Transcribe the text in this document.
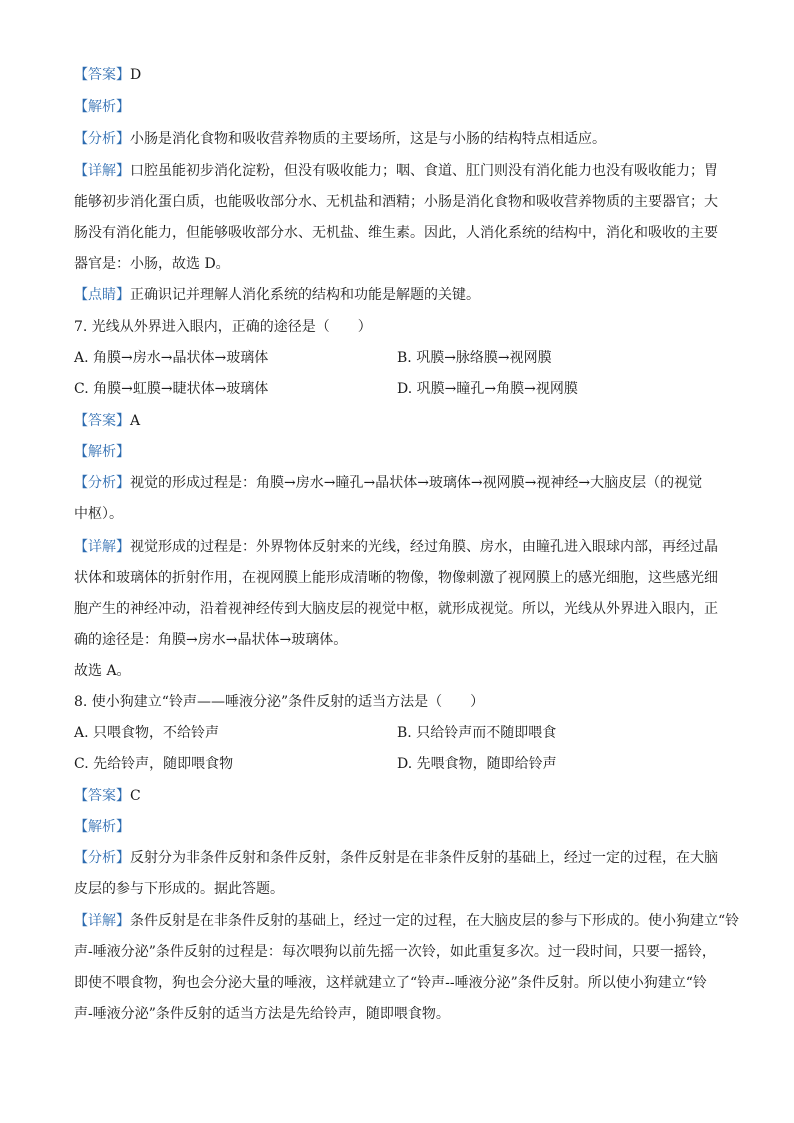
【答案】D
【解析】
【分析】小肠是消化食物和吸收营养物质的主要场所，这是与小肠的结构特点相适应。
【详解】口腔虽能初步消化淀粉，但没有吸收能力；咽、食道、肛门则没有消化能力也没有吸收能力；胃
能够初步消化蛋白质，也能吸收部分水、无机盐和酒精；小肠是消化食物和吸收营养物质的主要器官；大
肠没有消化能力，但能够吸收部分水、无机盐、维生素。因此，人消化系统的结构中，消化和吸收的主要
器官是：小肠，故选 D。
【点睛】正确识记并理解人消化系统的结构和功能是解题的关键。
7. 光线从外界进入眼内，正确的途径是（　　）
A. 角膜→房水→晶状体→玻璃体	B. 巩膜→脉络膜→视网膜
C. 角膜→虹膜→睫状体→玻璃体	D. 巩膜→瞳孔→角膜→视网膜
【答案】A
【解析】
【分析】视觉的形成过程是：角膜→房水→瞳孔→晶状体→玻璃体→视网膜→视神经→大脑皮层（的视觉
中枢）。
【详解】视觉形成的过程是：外界物体反射来的光线，经过角膜、房水，由瞳孔进入眼球内部，再经过晶
状体和玻璃体的折射作用，在视网膜上能形成清晰的物像，物像刺激了视网膜上的感光细胞，这些感光细
胞产生的神经冲动，沿着视神经传到大脑皮层的视觉中枢，就形成视觉。所以，光线从外界进入眼内，正
确的途径是：角膜→房水→晶状体→玻璃体。
故选 A。
8. 使小狗建立“铃声——唾液分泌”条件反射的适当方法是（　　）
A. 只喂食物，不给铃声	B. 只给铃声而不随即喂食
C. 先给铃声，随即喂食物	D. 先喂食物，随即给铃声
【答案】C
【解析】
【分析】反射分为非条件反射和条件反射，条件反射是在非条件反射的基础上，经过一定的过程，在大脑
皮层的参与下形成的。据此答题。
【详解】条件反射是在非条件反射的基础上，经过一定的过程，在大脑皮层的参与下形成的。使小狗建立“铃
声-唾液分泌”条件反射的过程是：每次喂狗以前先摇一次铃，如此重复多次。过一段时间，只要一摇铃，
即使不喂食物，狗也会分泌大量的唾液，这样就建立了“铃声--唾液分泌”条件反射。所以使小狗建立“铃
声-唾液分泌”条件反射的适当方法是先给铃声，随即喂食物。
